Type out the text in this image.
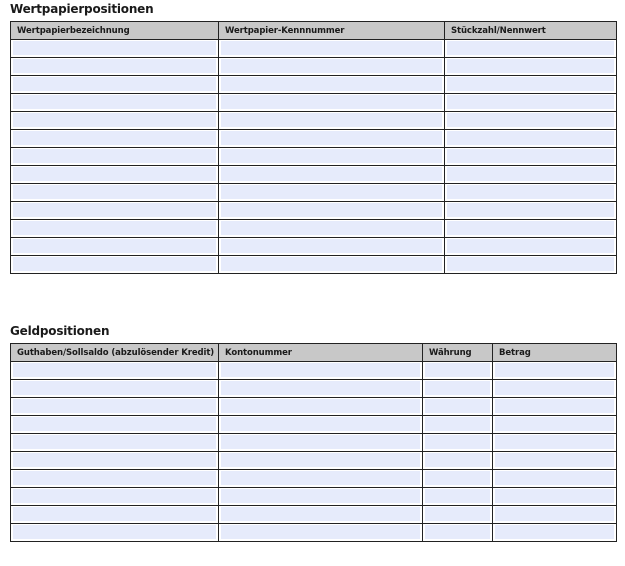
Wertpapierpositionen
Wertpapierbezeichnung	Wertpapier-Kennnummer	Stückzahl/Nennwert

Geldpositionen
Guthaben/Sollsaldo (abzulösender Kredit)	Kontonummer	Währung	Betrag
